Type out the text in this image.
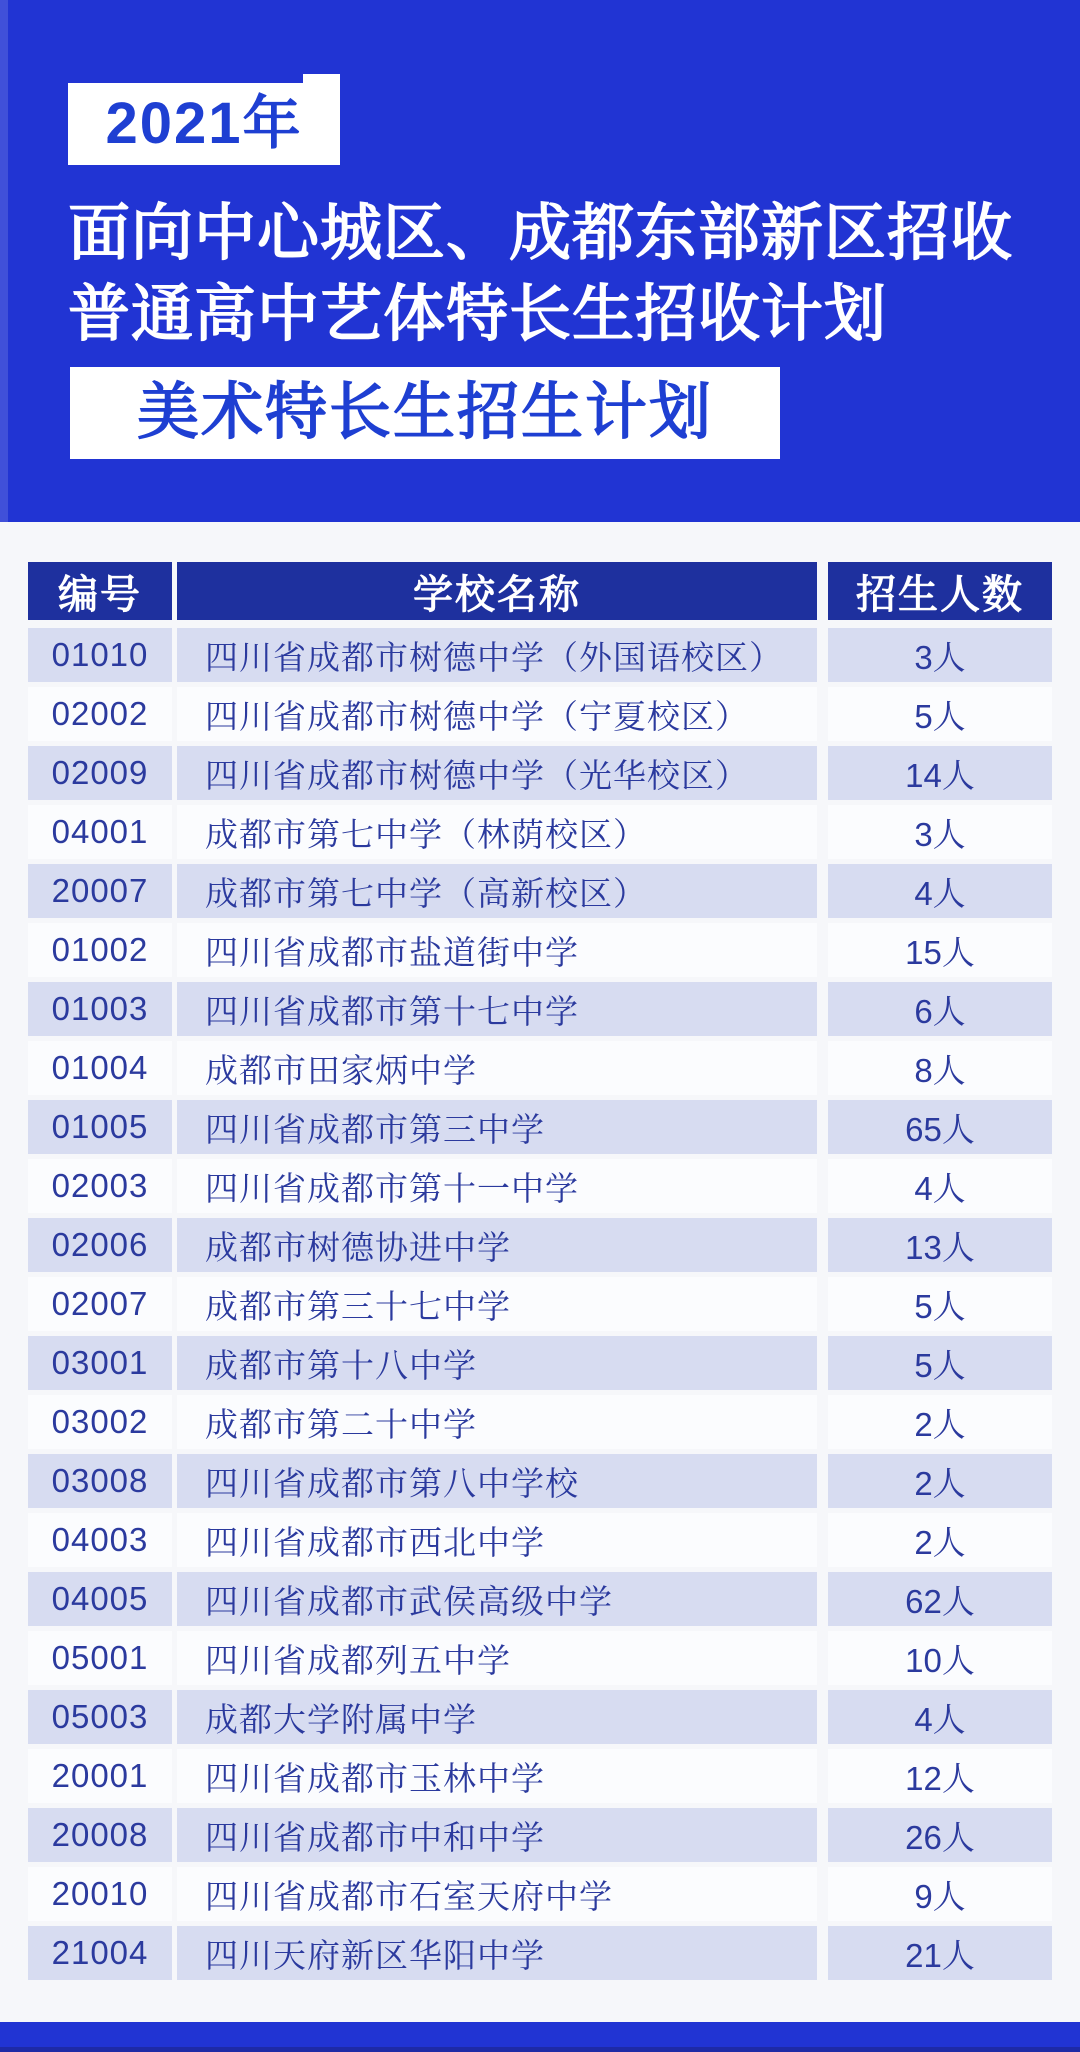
2021年
面向中心城区、成都东部新区招收
普通高中艺体特长生招收计划
美术特长生招生计划
编号	学校名称	招生人数
01010	四川省成都市树德中学（外国语校区）	3人
02002	四川省成都市树德中学（宁夏校区）	5人
02009	四川省成都市树德中学（光华校区）	14人
04001	成都市第七中学（林荫校区）	3人
20007	成都市第七中学（高新校区）	4人
01002	四川省成都市盐道街中学	15人
01003	四川省成都市第十七中学	6人
01004	成都市田家炳中学	8人
01005	四川省成都市第三中学	65人
02003	四川省成都市第十一中学	4人
02006	成都市树德协进中学	13人
02007	成都市第三十七中学	5人
03001	成都市第十八中学	5人
03002	成都市第二十中学	2人
03008	四川省成都市第八中学校	2人
04003	四川省成都市西北中学	2人
04005	四川省成都市武侯高级中学	62人
05001	四川省成都列五中学	10人
05003	成都大学附属中学	4人
20001	四川省成都市玉林中学	12人
20008	四川省成都市中和中学	26人
20010	四川省成都市石室天府中学	9人
21004	四川天府新区华阳中学	21人
